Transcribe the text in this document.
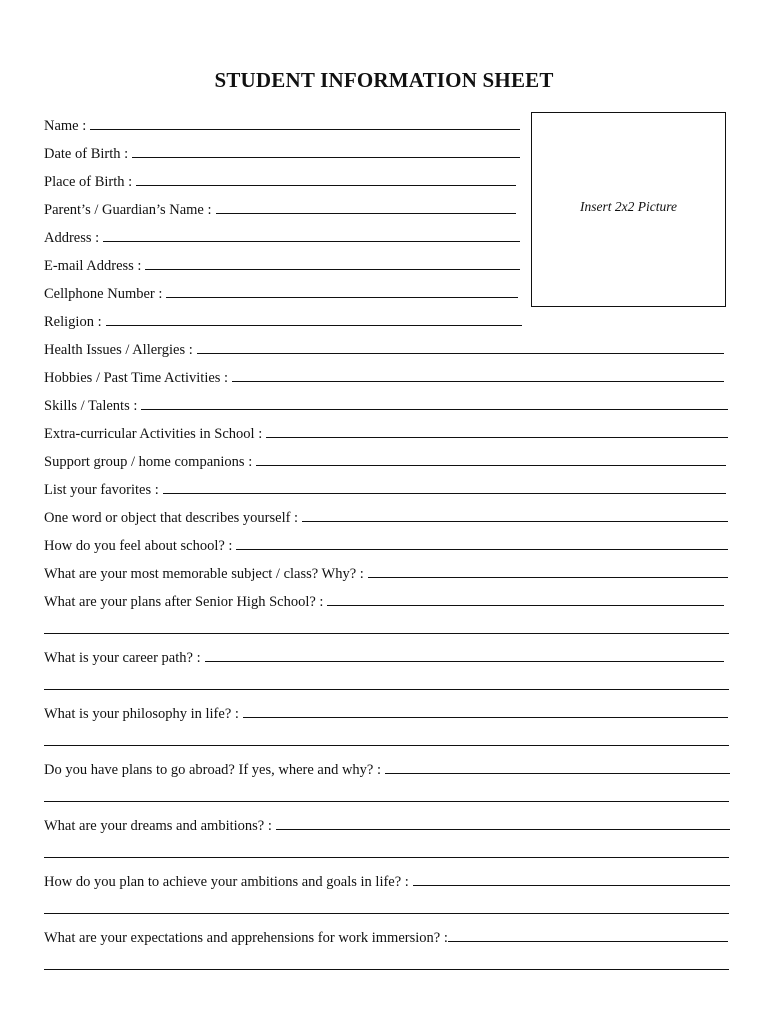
STUDENT INFORMATION SHEET
Insert 2x2 Picture
Name :
Date of Birth :
Place of Birth :
Parent’s / Guardian’s Name :
Address :
E-mail Address :
Cellphone Number :
Religion :
Health Issues / Allergies :
Hobbies / Past Time Activities :
Skills / Talents :
Extra-curricular Activities in School :
Support group / home companions :
List your favorites :
One word or object that describes yourself :
How do you feel about school? :
What are your most memorable subject / class? Why? :
What are your plans after Senior High School? :
What is your career path? :
What is your philosophy in life? :
Do you have plans to go abroad? If yes, where and why? :
What are your dreams and ambitions? :
How do you plan to achieve your ambitions and goals in life? :
What are your expectations and apprehensions for work immersion? :
